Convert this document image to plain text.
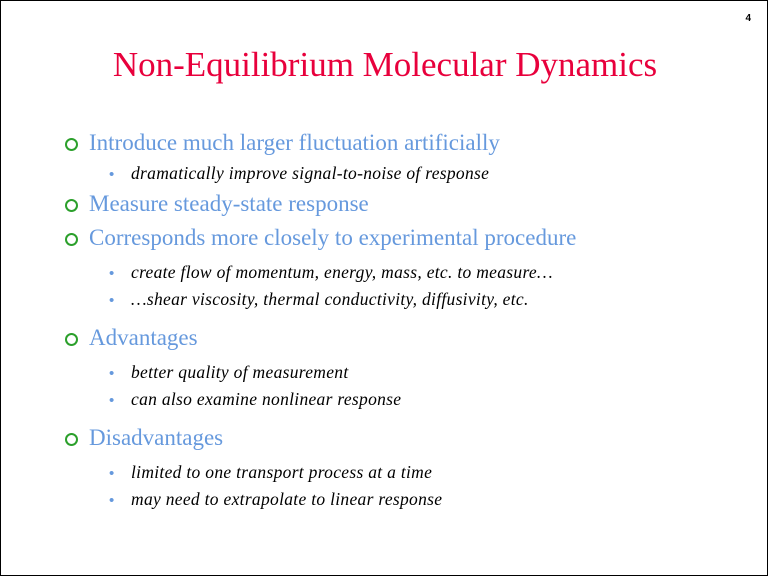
4
Non-Equilibrium Molecular Dynamics
Introduce much larger fluctuation artificially
• dramatically improve signal-to-noise of response
Measure steady-state response
Corresponds more closely to experimental procedure
• create flow of momentum, energy, mass, etc. to measure…
• …shear viscosity, thermal conductivity, diffusivity, etc.
Advantages
• better quality of measurement
• can also examine nonlinear response
Disadvantages
• limited to one transport process at a time
• may need to extrapolate to linear response
